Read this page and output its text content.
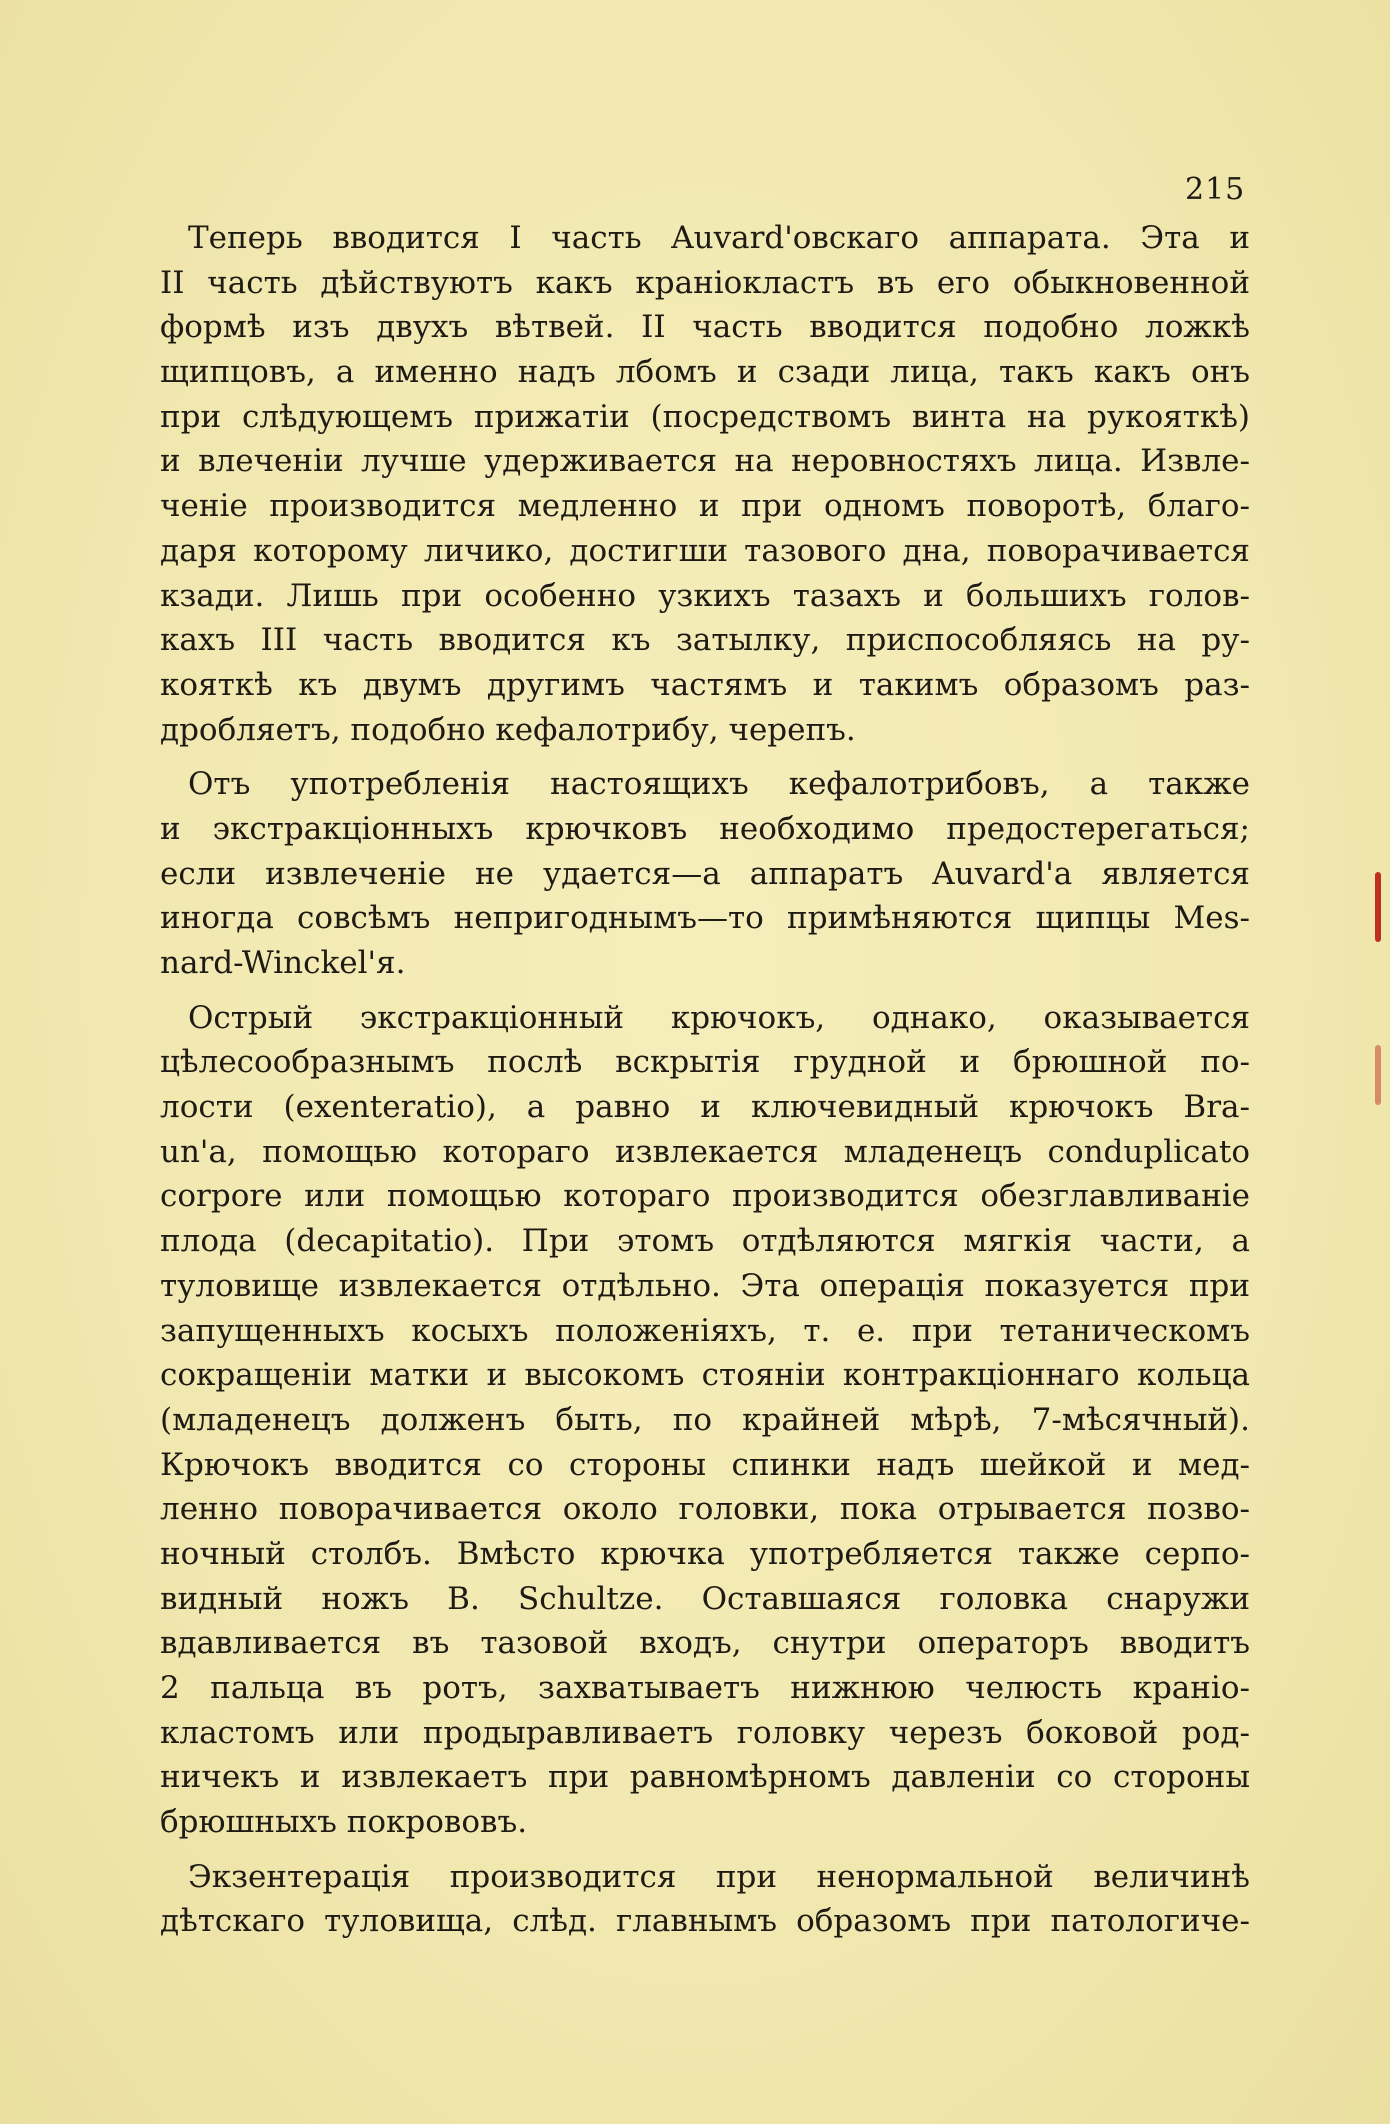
215
Теперь вводится I часть Auvard'овскаго аппарата. Эта и
II часть дѣйствуютъ какъ краніокластъ въ его обыкновенной
формѣ изъ двухъ вѣтвей. II часть вводится подобно ложкѣ
щипцовъ, а именно надъ лбомъ и сзади лица, такъ какъ онъ
при слѣдующемъ прижатіи (посредствомъ винта на рукояткѣ)
и влеченіи лучше удерживается на неровностяхъ лица. Извле-
ченіе производится медленно и при одномъ поворотѣ, благо-
даря которому личико, достигши тазового дна, поворачивается
кзади. Лишь при особенно узкихъ тазахъ и большихъ голов-
кахъ III часть вводится къ затылку, приспособляясь на ру-
кояткѣ къ двумъ другимъ частямъ и такимъ образомъ раз-
дробляетъ, подобно кефалотрибу, черепъ.
Отъ употребленія настоящихъ кефалотрибовъ, а также
и экстракціонныхъ крючковъ необходимо предостерегаться;
если извлеченіе не удается—а аппаратъ Auvard'а является
иногда совсѣмъ непригоднымъ—то примѣняются щипцы Mes-
nard-Winckel'я.
Острый экстракціонный крючокъ, однако, оказывается
цѣлесообразнымъ послѣ вскрытія грудной и брюшной по-
лости (exenteratio), а равно и ключевидный крючокъ Bra-
un'а, помощью котораго извлекается младенецъ conduplicato
corpore или помощью котораго производится обезглавливаніе
плода (decapitatio). При этомъ отдѣляются мягкія части, а
туловище извлекается отдѣльно. Эта операція показуется при
запущенныхъ косыхъ положеніяхъ, т. е. при тетаническомъ
сокращеніи матки и высокомъ стояніи контракціоннаго кольца
(младенецъ долженъ быть, по крайней мѣрѣ, 7-мѣсячный).
Крючокъ вводится со стороны спинки надъ шейкой и мед-
ленно поворачивается около головки, пока отрывается позво-
ночный столбъ. Вмѣсто крючка употребляется также серпо-
видный ножъ B. Schultze. Оставшаяся головка снаружи
вдавливается въ тазовой входъ, снутри операторъ вводитъ
2 пальца въ ротъ, захватываетъ нижнюю челюсть краніо-
кластомъ или продыравливаетъ головку черезъ боковой род-
ничекъ и извлекаетъ при равномѣрномъ давленіи со стороны
брюшныхъ покрововъ.
Экзентерація производится при ненормальной величинѣ
дѣтскаго туловища, слѣд. главнымъ образомъ при патологиче-
